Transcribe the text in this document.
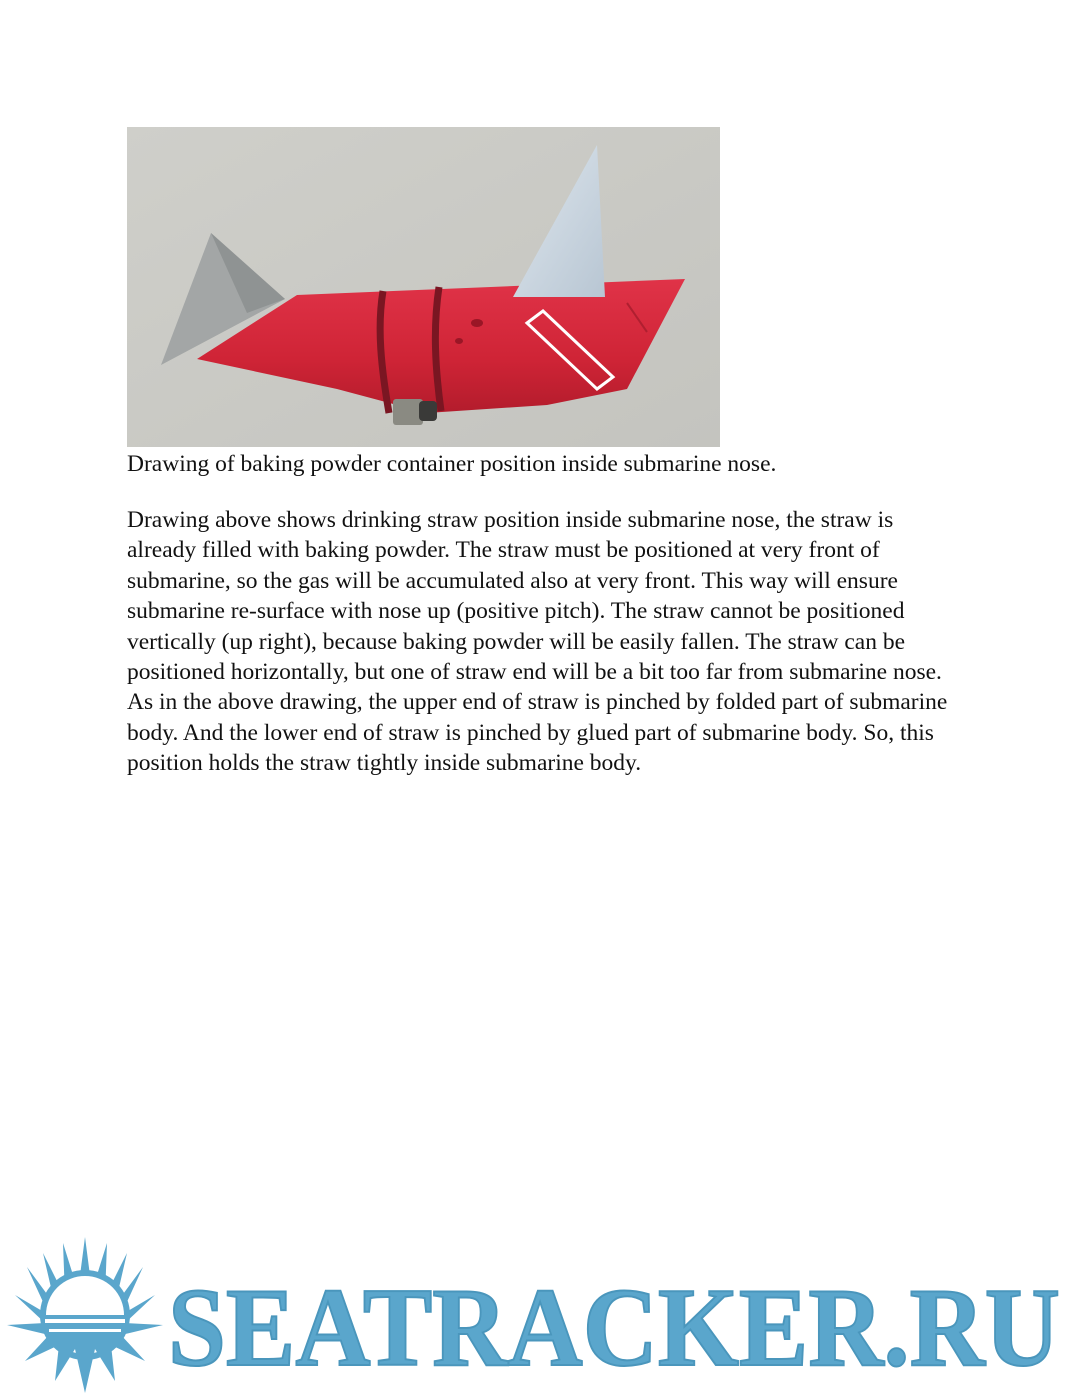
Drawing of baking powder container position inside submarine nose.

Drawing above shows drinking straw position inside submarine nose, the straw is already filled with baking powder. The straw must be positioned at very front of submarine, so the gas will be accumulated also at very front. This way will ensure submarine re-surface with nose up (positive pitch). The straw cannot be positioned vertically (up right), because baking powder will be easily fallen. The straw can be positioned horizontally, but one of straw end will be a bit too far from submarine nose.

As in the above drawing, the upper end of straw is pinched by folded part of submarine body. And the lower end of straw is pinched by glued part of submarine body. So, this position holds the straw tightly inside submarine body.

SEATRACKER.RU
